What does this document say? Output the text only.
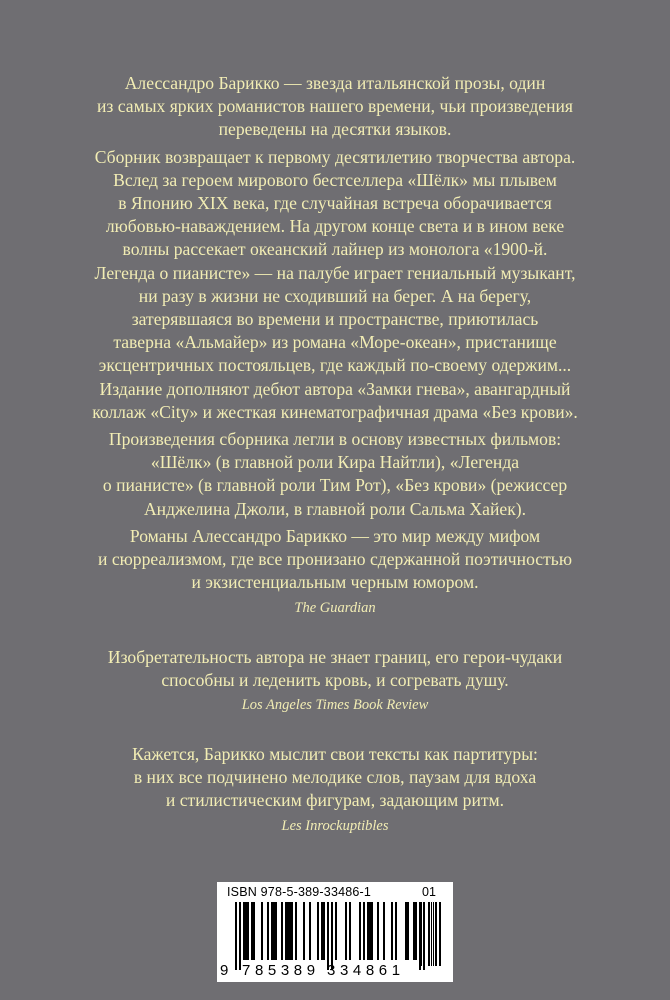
Алессандро Барикко — звезда итальянской прозы, один
из самых ярких романистов нашего времени, чьи произведения
переведены на десятки языков.

Сборник возвращает к первому десятилетию творчества автора.
Вслед за героем мирового бестселлера «Шёлк» мы плывем
в Японию XIX века, где случайная встреча оборачивается
любовью-наваждением. На другом конце света и в ином веке
волны рассекает океанский лайнер из монолога «1900-й.
Легенда о пианисте» — на палубе играет гениальный музыкант,
ни разу в жизни не сходивший на берег. А на берегу,
затерявшаяся во времени и пространстве, приютилась
таверна «Альмайер» из романа «Море-океан», пристанище
эксцентричных постояльцев, где каждый по-своему одержим...
Издание дополняют дебют автора «Замки гнева», авангардный
коллаж «City» и жесткая кинематографичная драма «Без крови».

Произведения сборника легли в основу известных фильмов:
«Шёлк» (в главной роли Кира Найтли), «Легенда
о пианисте» (в главной роли Тим Рот), «Без крови» (режиссер
Анджелина Джоли, в главной роли Сальма Хайек).

Романы Алессандро Барикко — это мир между мифом
и сюрреализмом, где все пронизано сдержанной поэтичностью
и экзистенциальным черным юмором.

The Guardian

Изобретательность автора не знает границ, его герои-чудаки
способны и леденить кровь, и согревать душу.

Los Angeles Times Book Review

Кажется, Барикко мыслит свои тексты как партитуры:
в них все подчинено мелодике слов, паузам для вдоха
и стилистическим фигурам, задающим ритм.

Les Inrockuptibles
ISBN 978-5-389-33486-1	01
9 785389 334861
